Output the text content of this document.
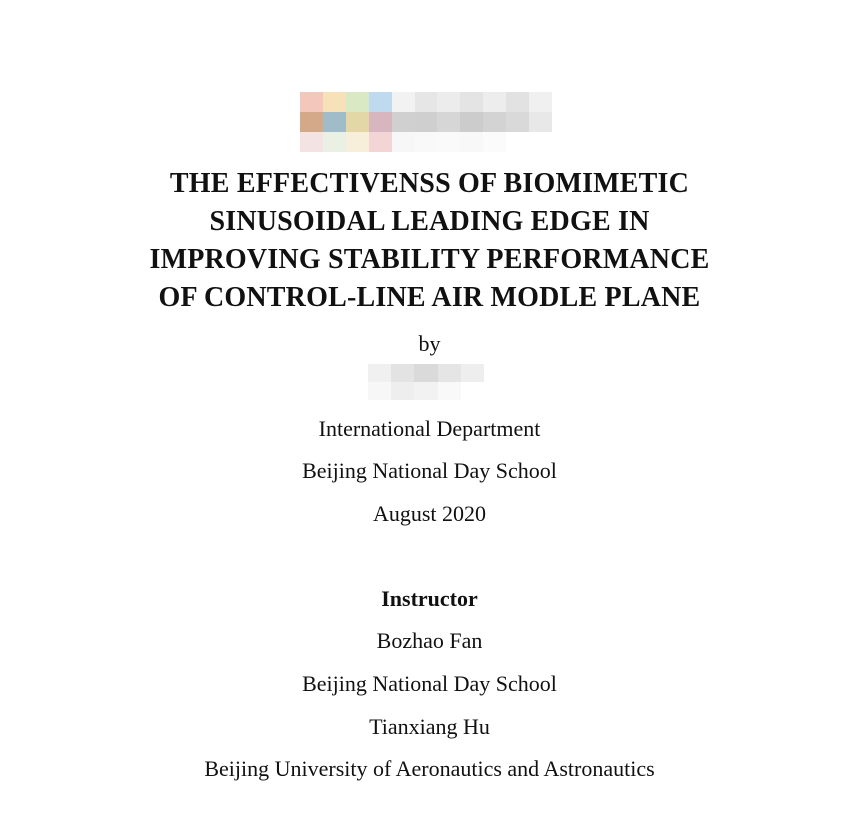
THE EFFECTIVENSS OF BIOMIMETIC
SINUSOIDAL LEADING EDGE IN
IMPROVING STABILITY PERFORMANCE
OF CONTROL-LINE AIR MODLE PLANE
by
International Department
Beijing National Day School
August 2020
Instructor
Bozhao Fan
Beijing National Day School
Tianxiang Hu
Beijing University of Aeronautics and Astronautics
